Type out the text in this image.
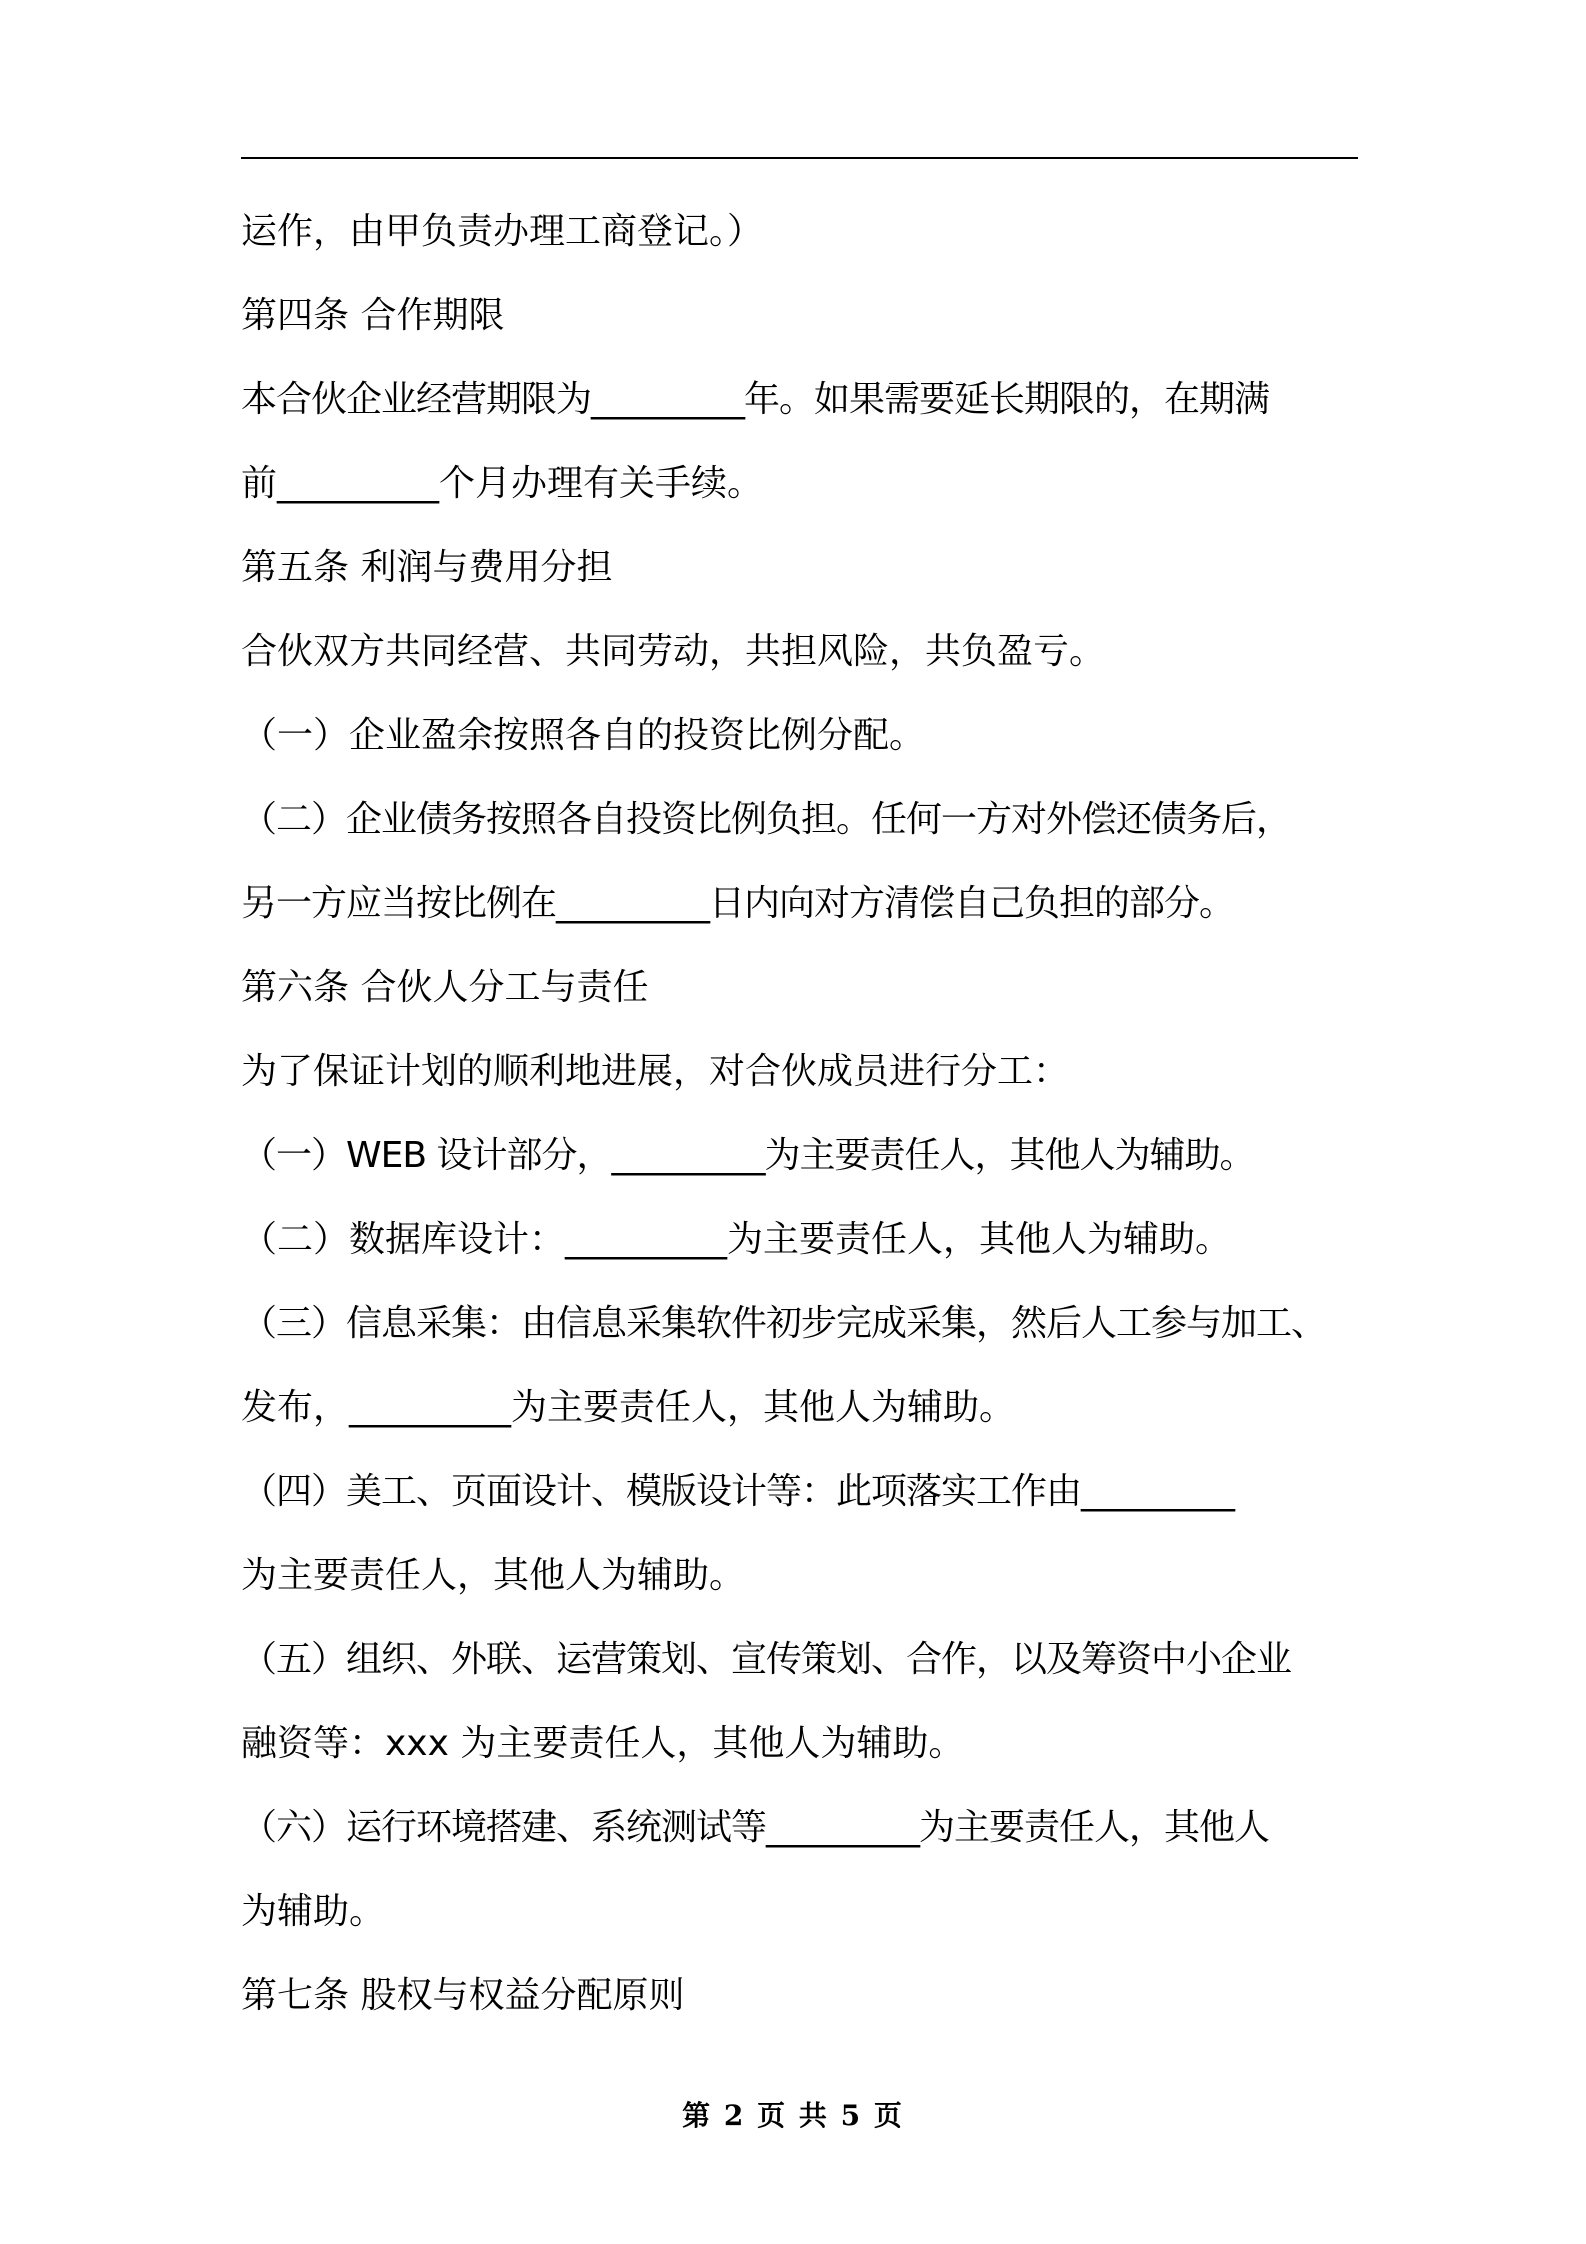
运作，由甲负责办理工商登记。）
第四条 合作期限
本合伙企业经营期限为_________年。如果需要延长期限的，在期满
前_________个月办理有关手续。
第五条 利润与费用分担
合伙双方共同经营、共同劳动，共担风险，共负盈亏。
（一）企业盈余按照各自的投资比例分配。
（二）企业债务按照各自投资比例负担。任何一方对外偿还债务后，
另一方应当按比例在_________日内向对方清偿自己负担的部分。
第六条 合伙人分工与责任
为了保证计划的顺利地进展，对合伙成员进行分工：
（一）WEB 设计部分，_________为主要责任人，其他人为辅助。
（二）数据库设计：_________为主要责任人，其他人为辅助。
（三）信息采集：由信息采集软件初步完成采集，然后人工参与加工、
发布，_________为主要责任人，其他人为辅助。
（四）美工、页面设计、模版设计等：此项落实工作由_________
为主要责任人，其他人为辅助。
（五）组织、外联、运营策划、宣传策划、合作，以及筹资中小企业
融资等：xxx 为主要责任人，其他人为辅助。
（六）运行环境搭建、系统测试等_________为主要责任人，其他人
为辅助。
第七条 股权与权益分配原则
第 2 页 共 5 页
